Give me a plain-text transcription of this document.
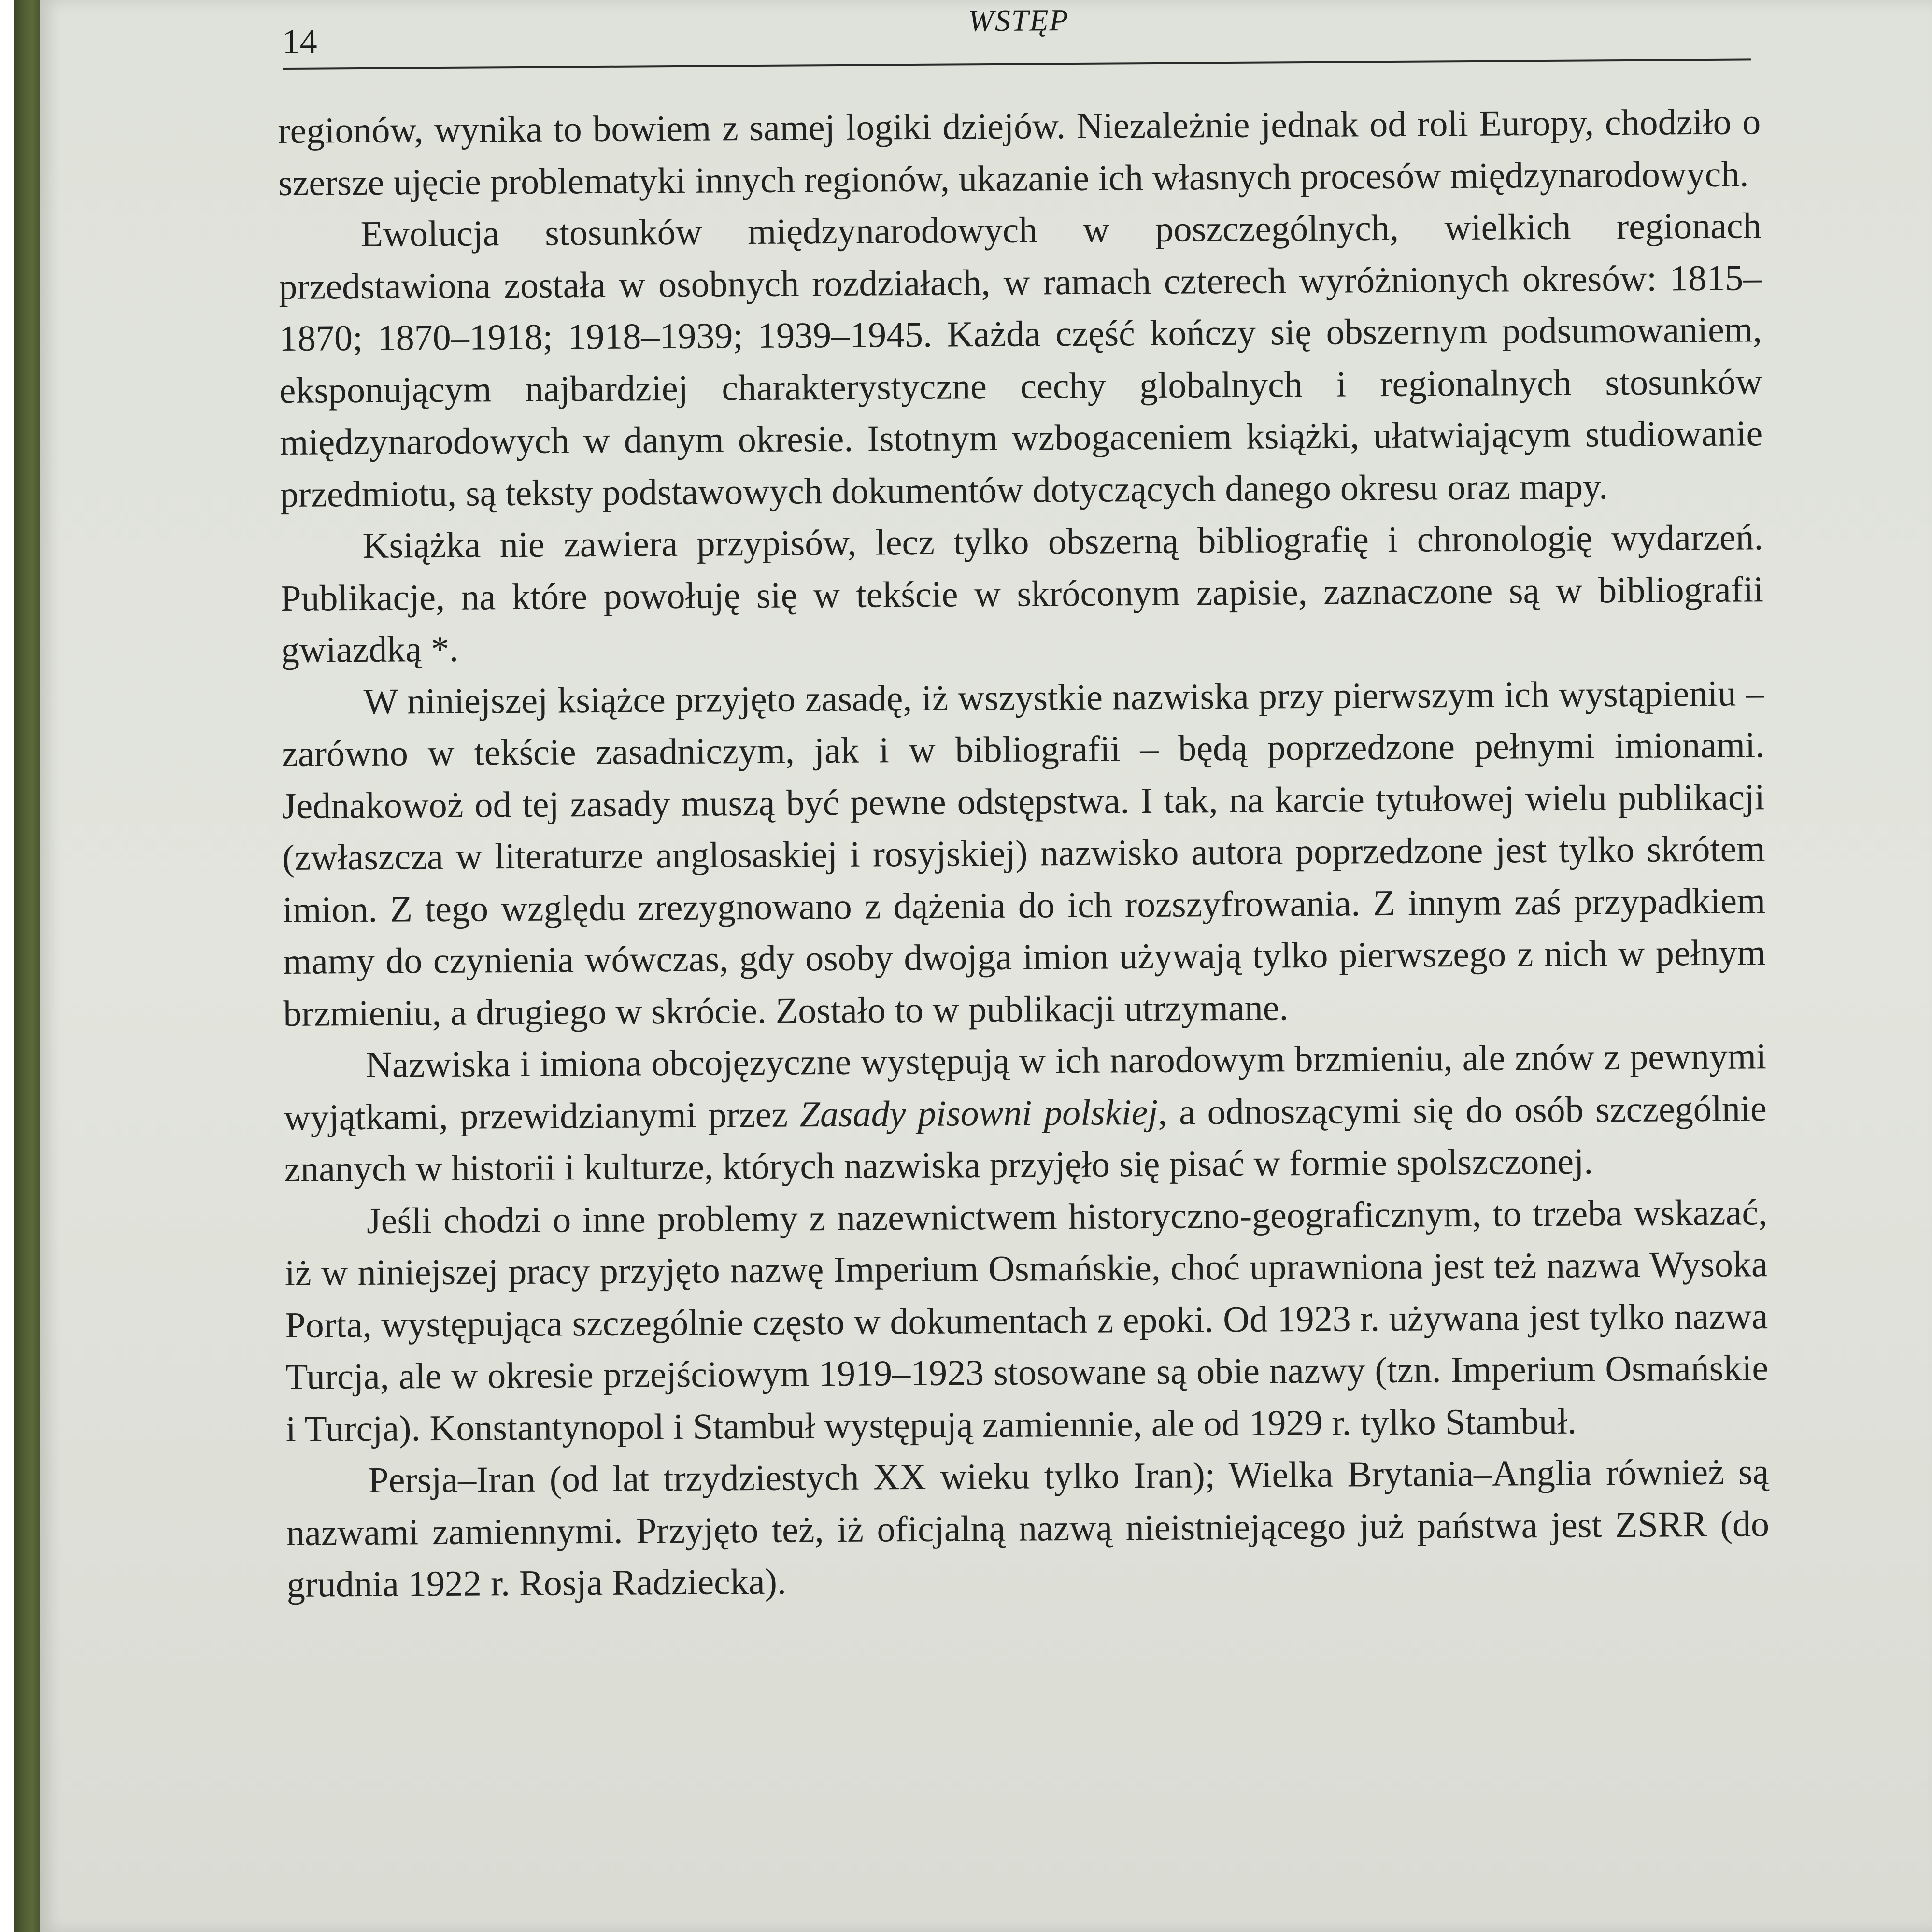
14
WSTĘP

regionów, wynika to bowiem z samej logiki dziejów. Niezależnie jednak od roli Europy, chodziło o szersze ujęcie problematyki innych regionów, ukazanie ich własnych procesów międzynarodowych.

Ewolucja stosunków międzynarodowych w poszczególnych, wielkich regionach przedstawiona została w osobnych rozdziałach, w ramach czterech wyróżnionych okresów: 1815–1870; 1870–1918; 1918–1939; 1939–1945. Każda część kończy się obszernym podsumowaniem, eksponującym najbardziej charakterystyczne cechy globalnych i regionalnych stosunków międzynarodowych w danym okresie. Istotnym wzbogaceniem książki, ułatwiającym studiowanie przedmiotu, są teksty podstawowych dokumentów dotyczących danego okresu oraz mapy.

Książka nie zawiera przypisów, lecz tylko obszerną bibliografię i chronologię wydarzeń. Publikacje, na które powołuję się w tekście w skróconym zapisie, zaznaczone są w bibliografii gwiazdką *.

W niniejszej książce przyjęto zasadę, iż wszystkie nazwiska przy pierwszym ich wystąpieniu – zarówno w tekście zasadniczym, jak i w bibliografii – będą poprzedzone pełnymi imionami. Jednakowoż od tej zasady muszą być pewne odstępstwa. I tak, na karcie tytułowej wielu publikacji (zwłaszcza w literaturze anglosaskiej i rosyjskiej) nazwisko autora poprzedzone jest tylko skrótem imion. Z tego względu zrezygnowano z dążenia do ich rozszyfrowania. Z innym zaś przypadkiem mamy do czynienia wówczas, gdy osoby dwojga imion używają tylko pierwszego z nich w pełnym brzmieniu, a drugiego w skrócie. Zostało to w publikacji utrzymane.

Nazwiska i imiona obcojęzyczne występują w ich narodowym brzmieniu, ale znów z pewnymi wyjątkami, przewidzianymi przez Zasady pisowni polskiej, a odnoszącymi się do osób szczególnie znanych w historii i kulturze, których nazwiska przyjęło się pisać w formie spolszczonej.

Jeśli chodzi o inne problemy z nazewnictwem historyczno-geograficznym, to trzeba wskazać, iż w niniejszej pracy przyjęto nazwę Imperium Osmańskie, choć uprawniona jest też nazwa Wysoka Porta, występująca szczególnie często w dokumentach z epoki. Od 1923 r. używana jest tylko nazwa Turcja, ale w okresie przejściowym 1919–1923 stosowane są obie nazwy (tzn. Imperium Osmańskie i Turcja). Konstantynopol i Stambuł występują zamiennie, ale od 1929 r. tylko Stambuł.

Persja–Iran (od lat trzydziestych XX wieku tylko Iran); Wielka Brytania–Anglia również są nazwami zamiennymi. Przyjęto też, iż oficjalną nazwą nieistniejącego już państwa jest ZSRR (do grudnia 1922 r. Rosja Radziecka).
